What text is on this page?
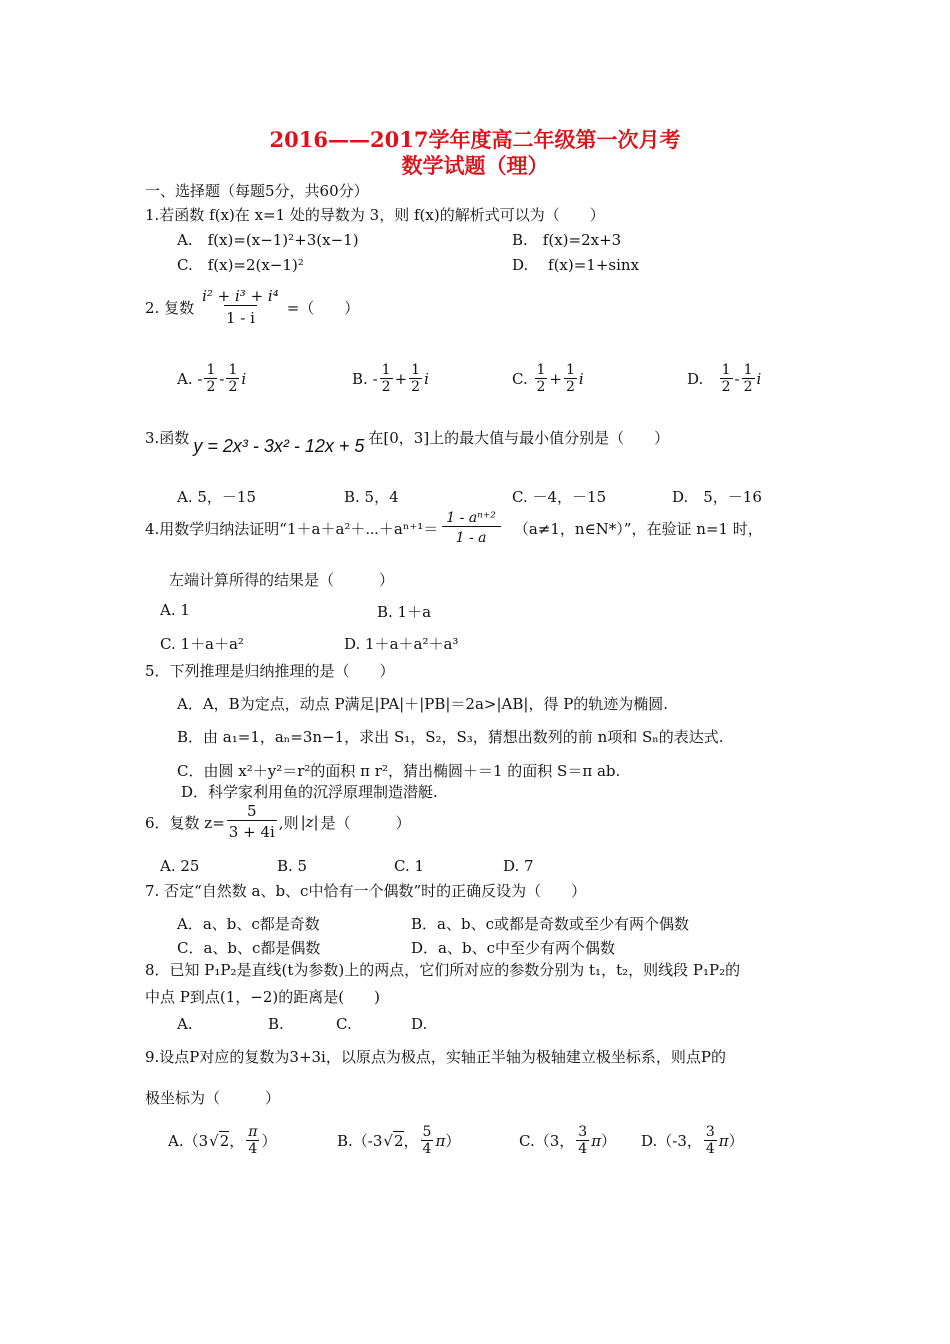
2016——2017学年度高二年级第一次月考
数学试题（理）
一、选择题（每题5分，共60分）
1.若函数 f(x)在 x=1 处的导数为 3，则 f(x)的解析式可以为（　　）
A.　f(x)=(x−1)²+3(x−1)	B.　f(x)=2x+3
C.　f(x)=2(x−1)²	D.　 f(x)=1+sinx
2. 复数 $\frac{\text{i² + i³ + i⁴}}{1 - i}$ =（　　）
A.
- $\frac{1}{2} - \frac{1}{2}$ i	B.
- $\frac{1}{2} + \frac{1}{2}$ i	C.
$\frac{1}{2} + \frac{1}{2}$ i	D.
$\frac{1}{2} - \frac{1}{2}$ i
3.函数 y = 2x³ - 3x² - 12x + 5 在[0，3]上的最大值与最小值分别是（　　）
A. 5，－15	B. 5，4	C. －4，－15	D.　5，－16
4.用数学归纳法证明“1＋a＋a²＋⋯＋aⁿ⁺¹＝ $\frac{\text{1 - aⁿ⁺²}}{1 - a} (a\ne 1$，n∈N*）”，在验证 n=1 时，
左端计算所得的结果是（　　　）
A. 1	B. 1＋a
C. 1＋a＋a²	D. 1＋a＋a²＋a³
5．下列推理是归纳推理的是（　　）
A．A，B为定点，动点 P满足|PA|＋|PB|＝2a>|AB|，得 P的轨迹为椭圆.
B．由 a₁=1，aₙ=3n−1，求出 S₁，S₂，S₃，猜想出数列的前 n项和 Sₙ的表达式.
C．由圆 x²＋y²＝r²的面积 π r²，猜出椭圆＋＝1 的面积 S＝π ab.
D．科学家利用鱼的沉浮原理制造潜艇.
6．复数 $z= \frac{5}{3 + 4i}$ ,则 |z| 是（　　　）
A. 25	B. 5	C. 1	D. 7
7. 否定“自然数 a、b、c中恰有一个偶数”时的正确反设为（　　）
A．a、b、c都是奇数	B．a、b、c或都是奇数或至少有两个偶数
C．a、b、c都是偶数	D．a、b、c中至少有两个偶数
8．已知 P₁P₂是直线(t为参数)上的两点，它们所对应的参数分别为 t₁，t₂，则线段 P₁P₂的
中点 P到点(1，−2)的距离是(　　)
A.	B.	C.	D.
9.设点P对应的复数为3+3i，以原点为极点，实轴正半轴为极轴建立极坐标系，则点P的
极坐标为（　　　）
A.（ 3 √2 ， $\frac{\pi}{4}$ ）	B.（ - 3 √2 ， $\frac{5}{4}$ π ）	C.（3， $\frac{3}{4}$ π ） D.（-3， $\frac{3}{4}$ π ）
